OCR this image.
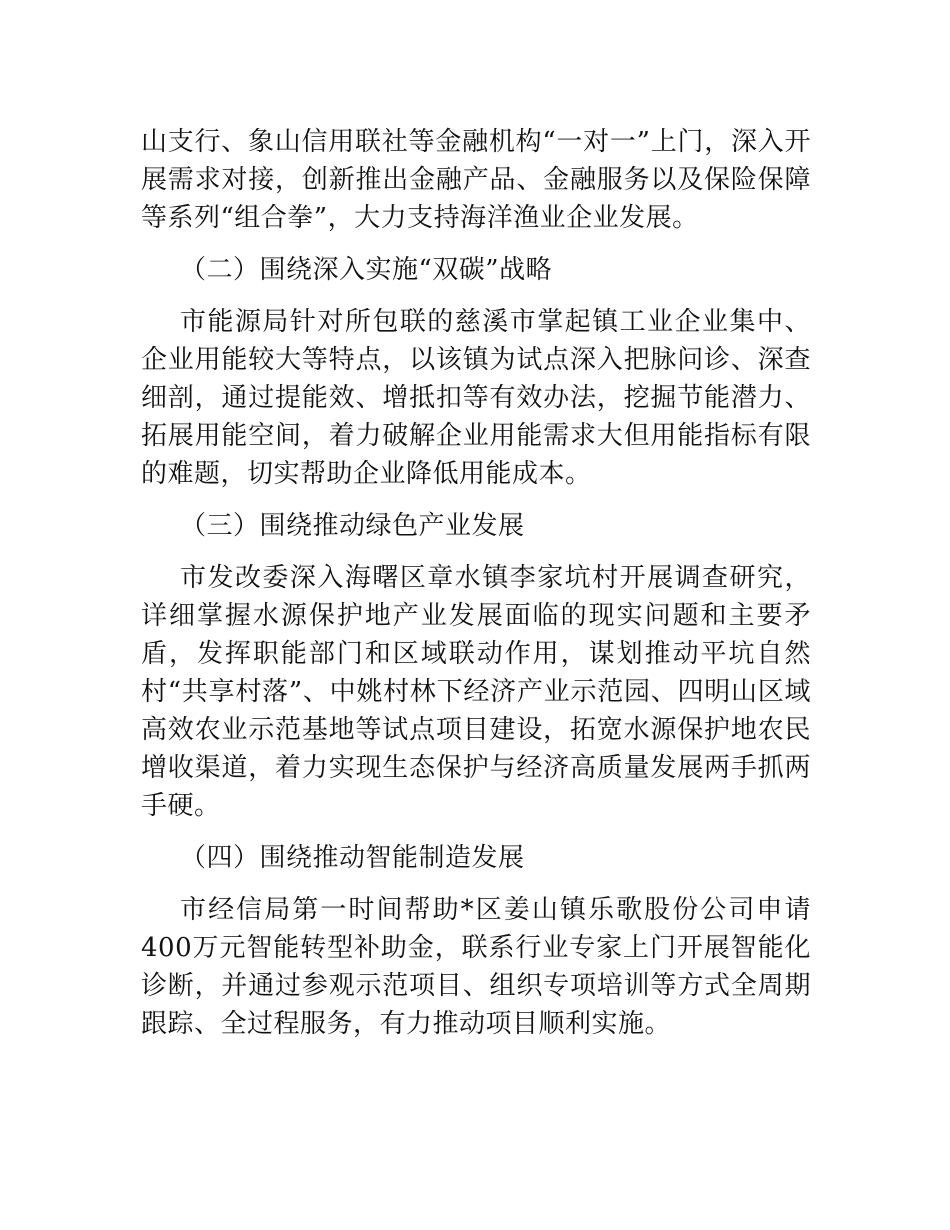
山支行、象山信用联社等金融机构“一对一”上门，深入开展需求对接，创新推出金融产品、金融服务以及保险保障等系列“组合拳”，大力支持海洋渔业企业发展。

（二）围绕深入实施“双碳”战略

市能源局针对所包联的慈溪市掌起镇工业企业集中、企业用能较大等特点，以该镇为试点深入把脉问诊、深查细剖，通过提能效、增抵扣等有效办法，挖掘节能潜力、拓展用能空间，着力破解企业用能需求大但用能指标有限的难题，切实帮助企业降低用能成本。

（三）围绕推动绿色产业发展

市发改委深入海曙区章水镇李家坑村开展调查研究，详细掌握水源保护地产业发展面临的现实问题和主要矛盾，发挥职能部门和区域联动作用，谋划推动平坑自然村“共享村落”、中姚村林下经济产业示范园、四明山区域高效农业示范基地等试点项目建设，拓宽水源保护地农民增收渠道，着力实现生态保护与经济高质量发展两手抓两手硬。

（四）围绕推动智能制造发展

市经信局第一时间帮助*区姜山镇乐歌股份公司申请400万元智能转型补助金，联系行业专家上门开展智能化诊断，并通过参观示范项目、组织专项培训等方式全周期跟踪、全过程服务，有力推动项目顺利实施。
